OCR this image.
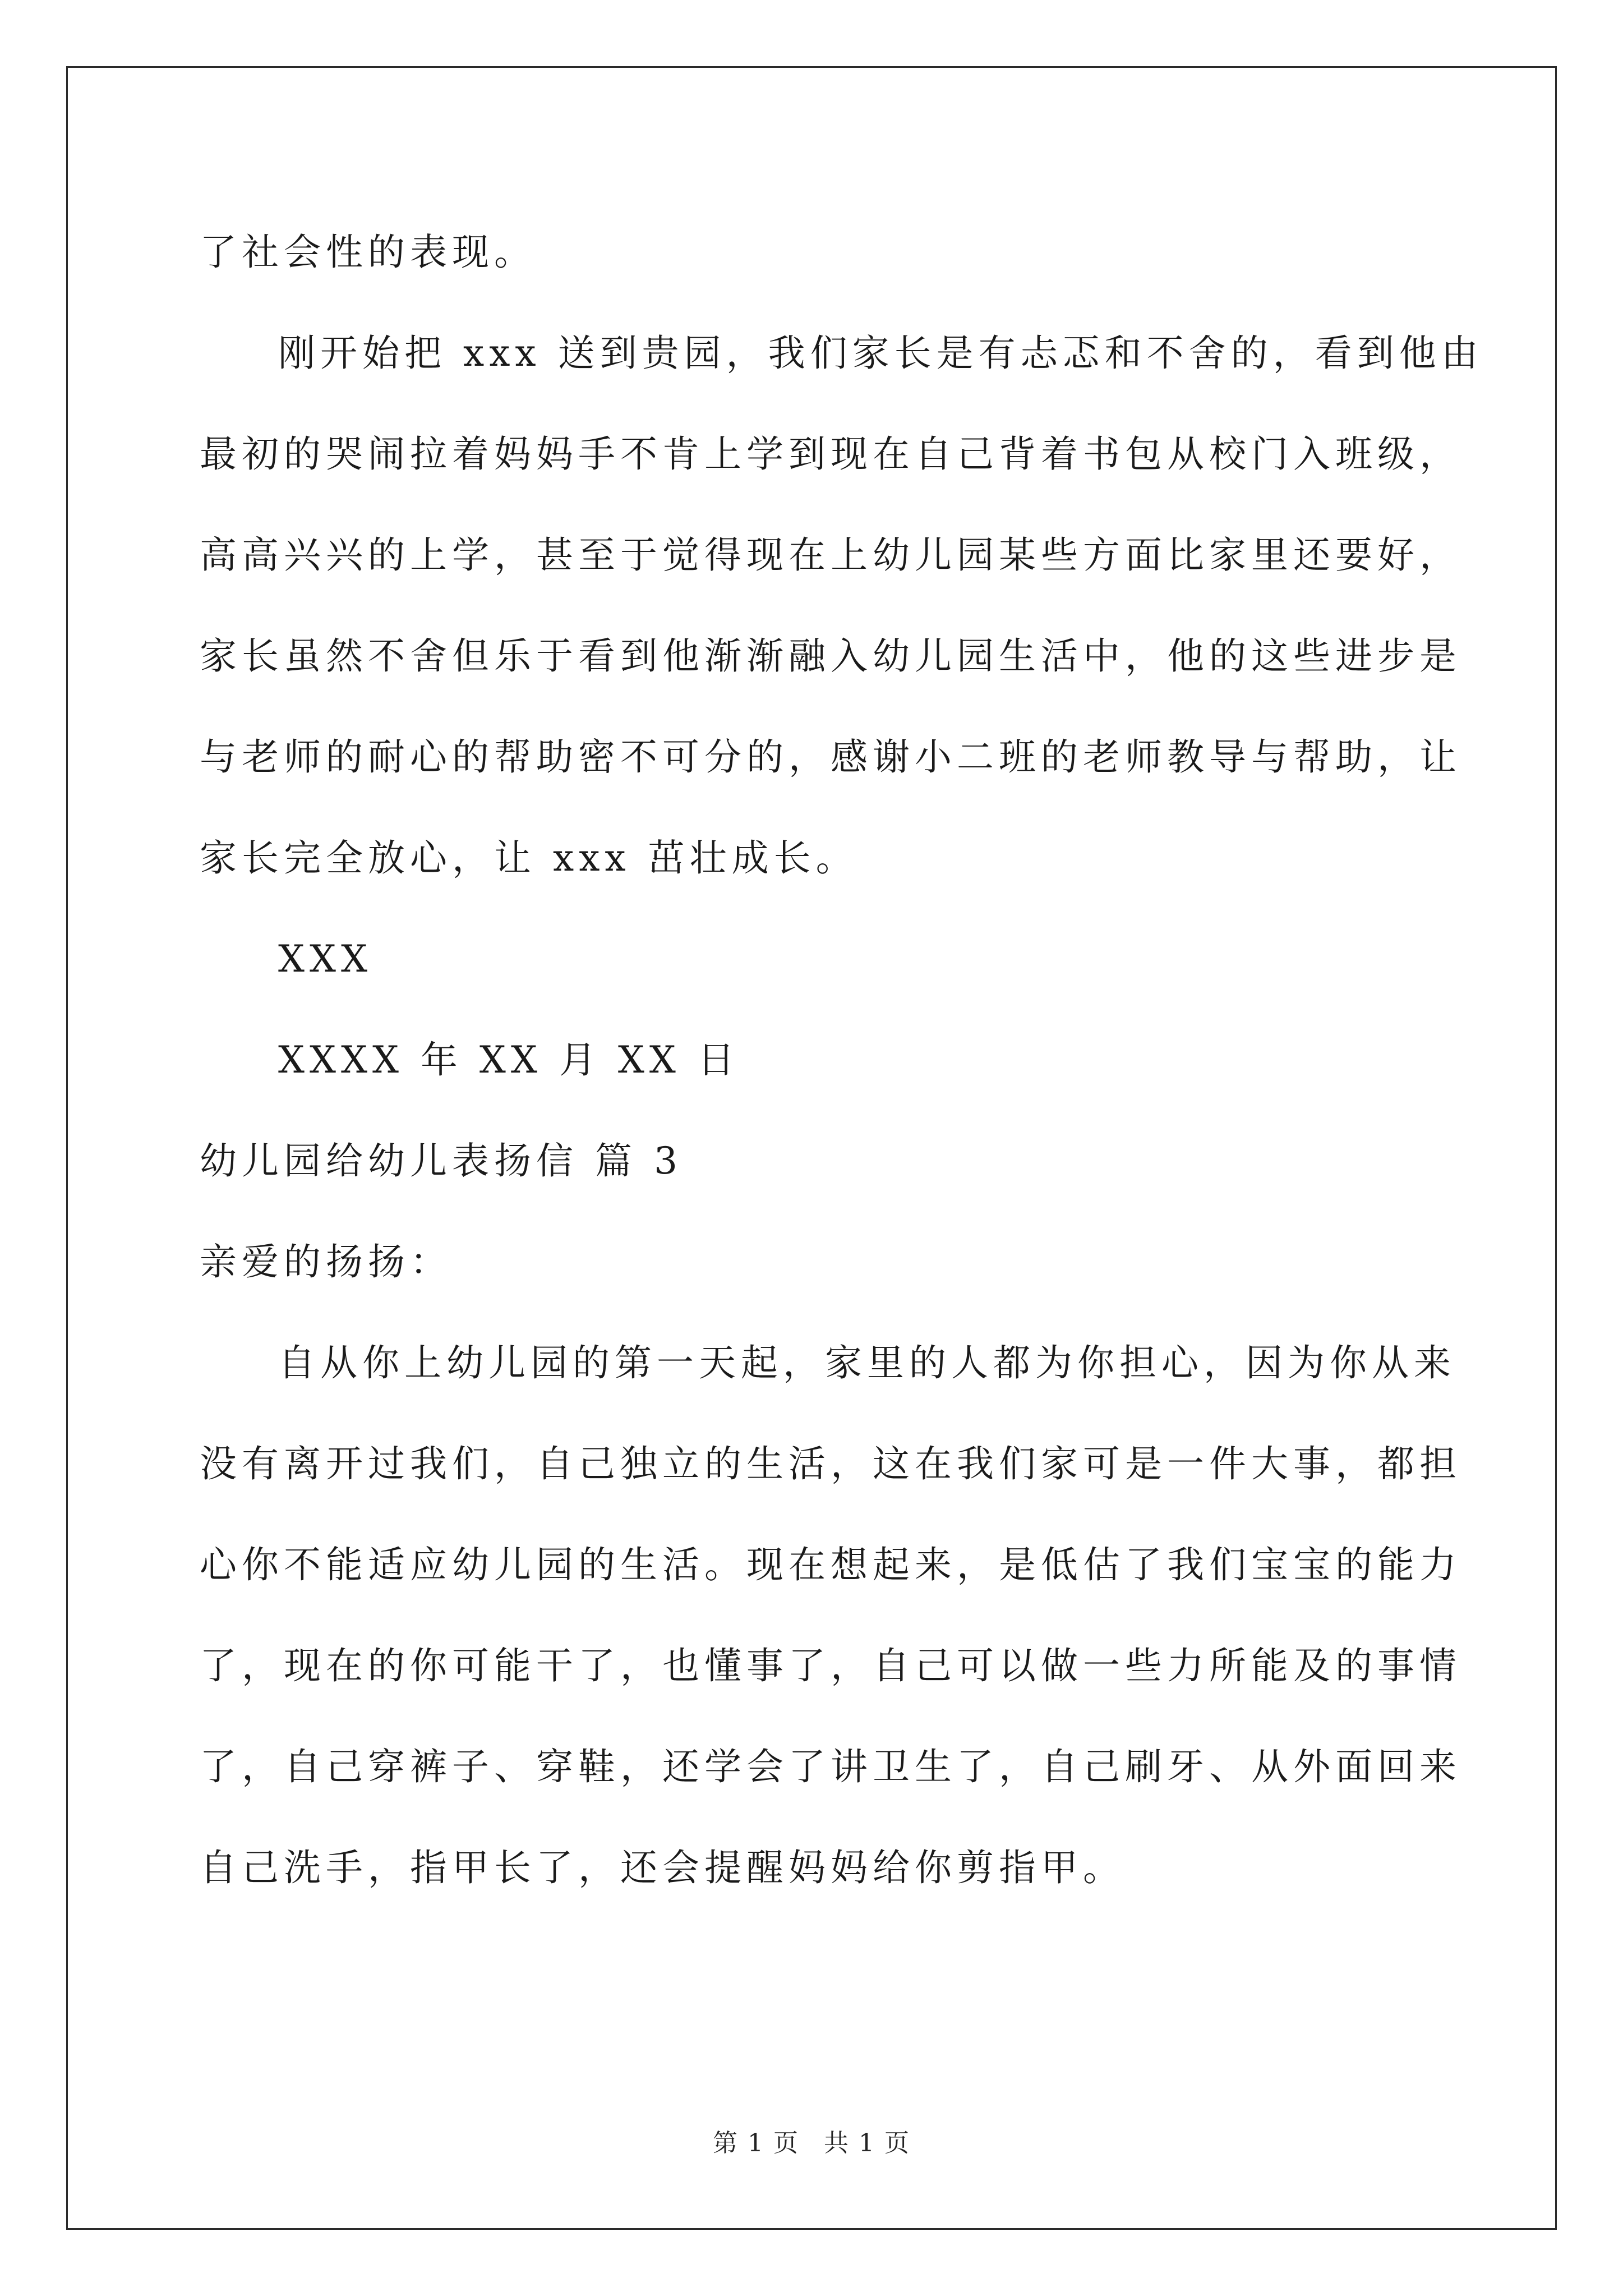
了社会性的表现。

刚开始把 xxx 送到贵园，我们家长是有忐忑和不舍的，看到他由

最初的哭闹拉着妈妈手不肯上学到现在自己背着书包从校门入班级，

高高兴兴的上学，甚至于觉得现在上幼儿园某些方面比家里还要好，

家长虽然不舍但乐于看到他渐渐融入幼儿园生活中，他的这些进步是

与老师的耐心的帮助密不可分的，感谢小二班的老师教导与帮助，让

家长完全放心，让 xxx 茁壮成长。

XXX

XXXX 年 XX 月 XX 日

幼儿园给幼儿表扬信 篇 3

亲爱的扬扬：

自从你上幼儿园的第一天起，家里的人都为你担心，因为你从来

没有离开过我们，自己独立的生活，这在我们家可是一件大事，都担

心你不能适应幼儿园的生活。现在想起来，是低估了我们宝宝的能力

了，现在的你可能干了，也懂事了，自己可以做一些力所能及的事情

了，自己穿裤子、穿鞋，还学会了讲卫生了，自己刷牙、从外面回来

自己洗手，指甲长了，还会提醒妈妈给你剪指甲。

第 1 页 共 1 页
